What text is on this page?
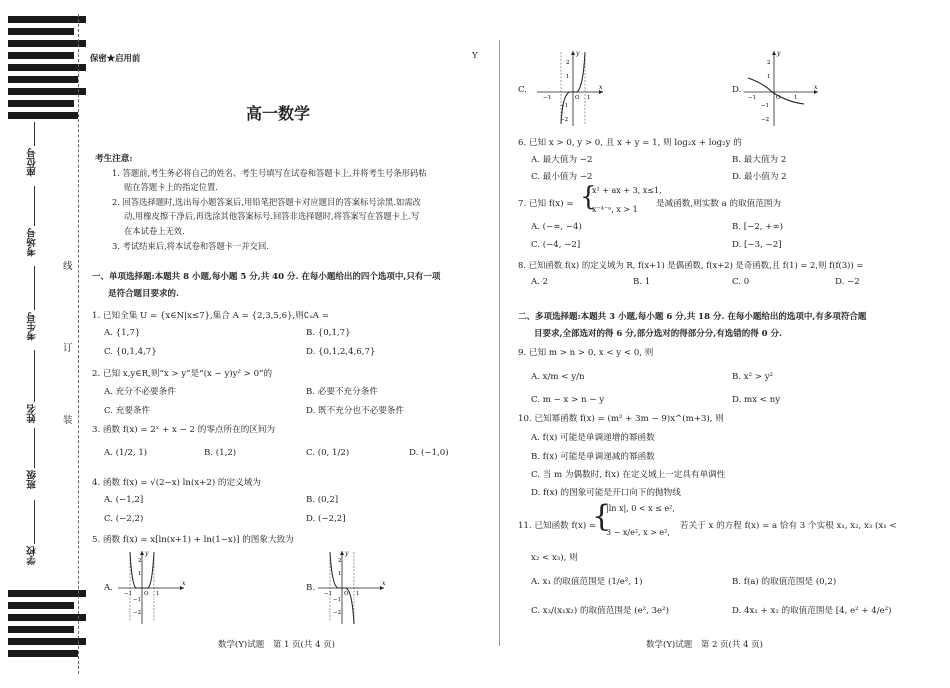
座位号
考场号
考生号
姓名
班级
学校
线
订
装
保密★启用前	Y
高一数学
考生注意:
1. 答题前,考生务必将自己的姓名、考生号填写在试卷和答题卡上,并将考生号条形码粘
贴在答题卡上的指定位置.
2. 回答选择题时,选出每小题答案后,用铅笔把答题卡对应题目的答案标号涂黑.如需改
动,用橡皮擦干净后,再选涂其他答案标号.回答非选择题时,将答案写在答题卡上.写
在本试卷上无效.
3. 考试结束后,将本试卷和答题卡一并交回.
一、单项选择题:本题共 8 小题,每小题 5 分,共 40 分. 在每小题给出的四个选项中,只有一项
是符合题目要求的.
1. 已知全集 U = {x∈N|x≤7},集合 A = {2,3,5,6},则∁ᵤA =
A. {1,7}	B. {0,1,7}
C. {0,1,4,7}	D. {0,1,2,4,6,7}
2. 已知 x,y∈R,则“x > y”是“(x − y)y² > 0”的
A. 充分不必要条件	B. 必要不充分条件
C. 充要条件	D. 既不充分也不必要条件
3. 函数 f(x) = 2ˣ + x − 2 的零点所在的区间为
A. (1/2, 1)	B. (1,2)	C. (0, 1/2)	D. (−1,0)
4. 函数 f(x) = √(2−x) ln(x+2) 的定义域为
A. (−1,2]	B. (0,2]
C. (−2,2)	D. (−2,2]
5. 函数 f(x) = x[ln(x+1) + ln(1−x)] 的图象大致为
A.	x
y
2
1
−1
−2
−1 O 1
B.	x
y
2
1
−1
−2
−1 O 1
数学(Y)试题　第 1 页(共 4 页)
C.	x
y
2
1
−1
−2
−1	O 1
D.	x
y
2
1
−1
−2
−1	O 1
6. 已知 x > 0, y > 0, 且 x + y = 1, 则 log₂x + log₂y 的
A. 最大值为 −2	B. 最大值为 2
C. 最小值为 −2	D. 最小值为 2
7. 已知 f(x) = {
x² + ax + 3, x≤1,
x⁻⁴⁻ᵃ, x > 1
是减函数,则实数 a 的取值范围为
A. (−∞, −4)	B. [−2, +∞)
C. (−4, −2]	D. [−3, −2]
8. 已知函数 f(x) 的定义域为 R, f(x+1) 是偶函数, f(x+2) 是奇函数,且 f(1) = 2,则 f(f(3)) =
A. 2	B. 1	C. 0	D. −2
二、多项选择题:本题共 3 小题,每小题 6 分,共 18 分. 在每小题给出的选项中,有多项符合题
目要求,全部选对的得 6 分,部分选对的得部分分,有选错的得 0 分.
9. 已知 m > n > 0, x < y < 0, 则
A. x/m < y/n	B. x² > y²
C. m − x > n − y	D. mx < ny
10. 已知幂函数 f(x) = (m² + 3m − 9)x^(m+3), 则
A. f(x) 可能是单调递增的幂函数
B. f(x) 可能是单调递减的幂函数
C. 当 m 为偶数时, f(x) 在定义域上一定具有单调性
D. f(x) 的图象可能是开口向下的抛物线
11. 已知函数 f(x) =
{
|ln x|, 0 < x ≤ e²,
3 − x/e², x > e²,
若关于 x 的方程 f(x) = a 恰有 3 个实根 x₁, x₂, x₃ (x₁ <
x₂ < x₃), 则
A. x₁ 的取值范围是 (1/e², 1)	B. f(a) 的取值范围是 (0,2)
C. x₃/(x₁x₂) 的取值范围是 (e², 3e²)	D. 4x₁ + x₂ 的取值范围是 [4, e² + 4/e²)
数学(Y)试题　第 2 页(共 4 页)
